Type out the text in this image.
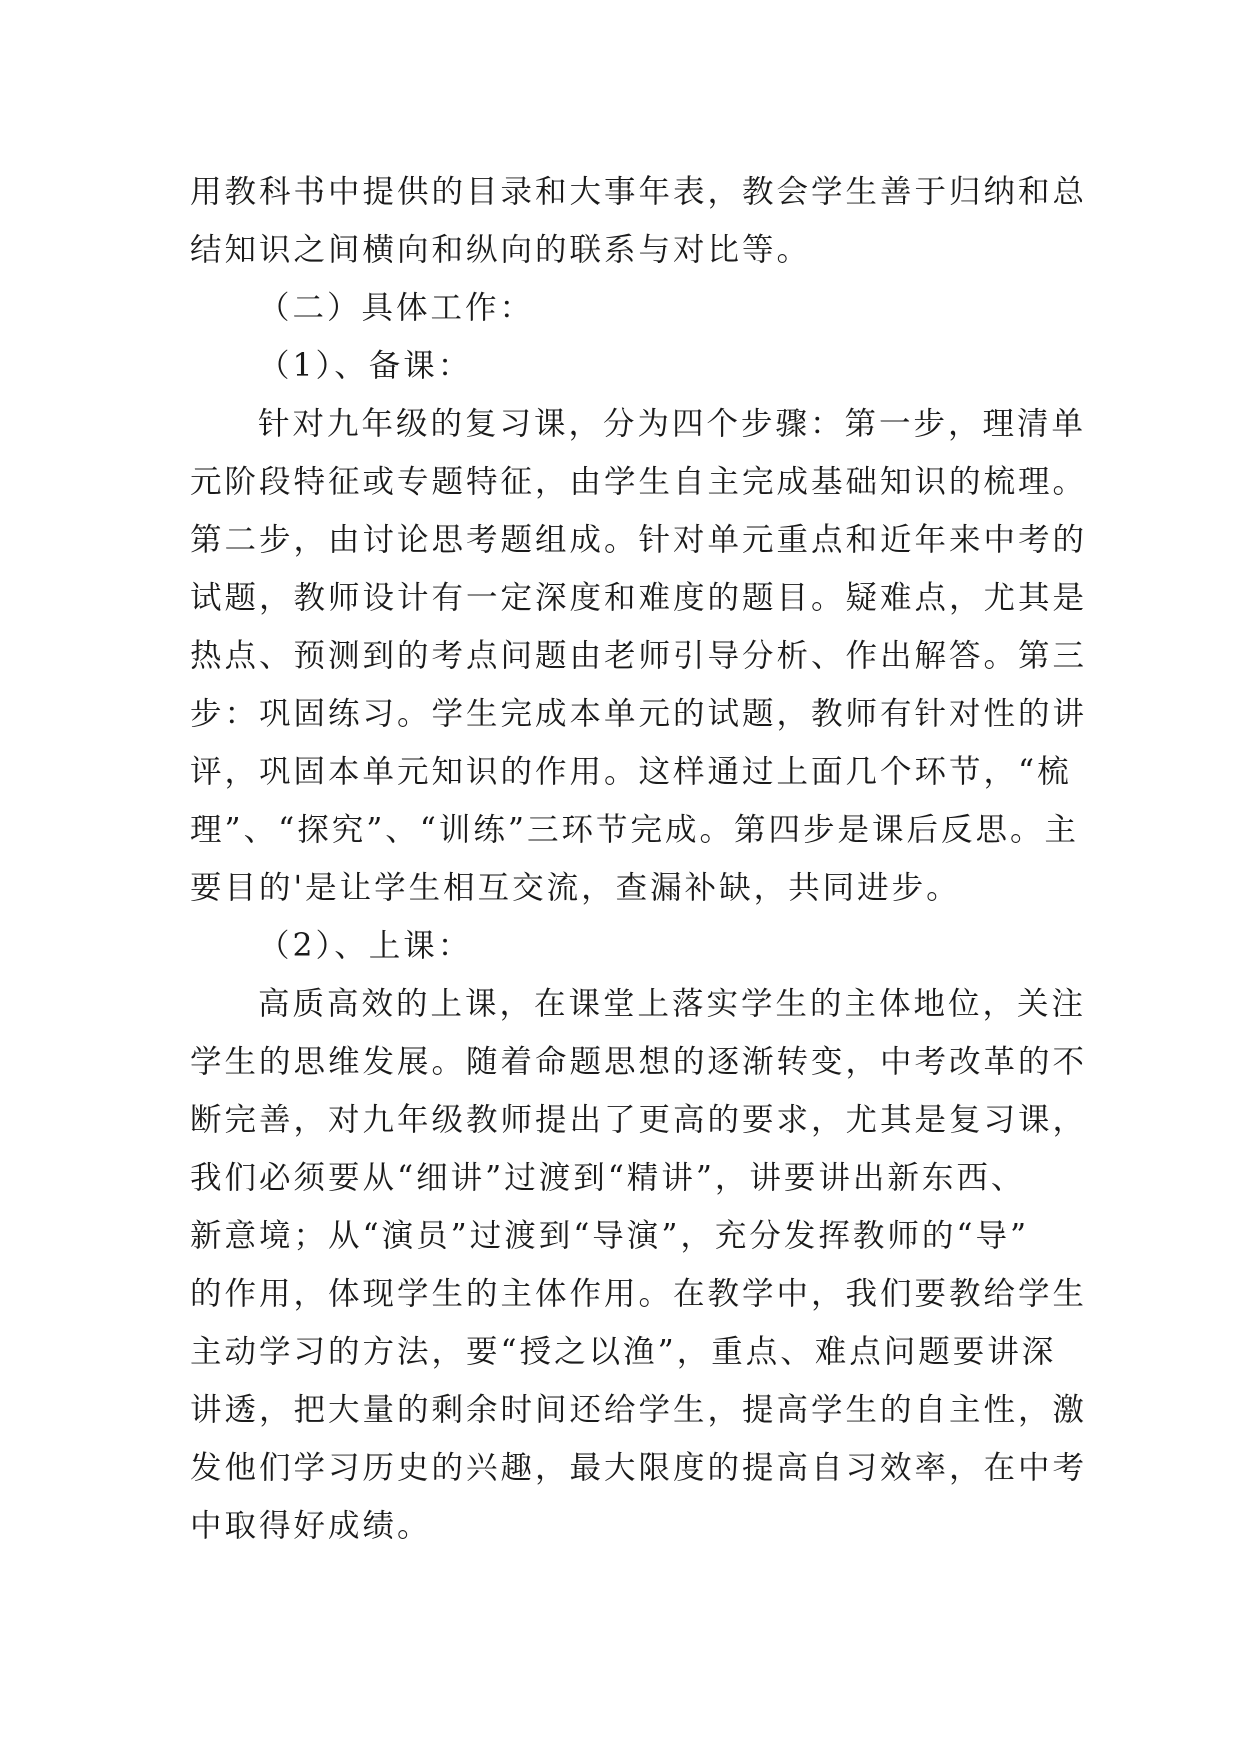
用教科书中提供的目录和大事年表，教会学生善于归纳和总
结知识之间横向和纵向的联系与对比等。
（二）具体工作：
（1）、备课：
针对九年级的复习课，分为四个步骤：第一步，理清单
元阶段特征或专题特征，由学生自主完成基础知识的梳理。
第二步，由讨论思考题组成。针对单元重点和近年来中考的
试题，教师设计有一定深度和难度的题目。疑难点，尤其是
热点、预测到的考点问题由老师引导分析、作出解答。第三
步：巩固练习。学生完成本单元的试题，教师有针对性的讲
评，巩固本单元知识的作用。这样通过上面几个环节，“梳
理”、“探究”、“训练”三环节完成。第四步是课后反思。主
要目的'是让学生相互交流，查漏补缺，共同进步。
（2）、上课：
高质高效的上课，在课堂上落实学生的主体地位，关注
学生的思维发展。随着命题思想的逐渐转变，中考改革的不
断完善，对九年级教师提出了更高的要求，尤其是复习课，
我们必须要从“细讲”过渡到“精讲”，讲要讲出新东西、
新意境；从“演员”过渡到“导演”，充分发挥教师的“导”
的作用，体现学生的主体作用。在教学中，我们要教给学生
主动学习的方法，要“授之以渔”，重点、难点问题要讲深
讲透，把大量的剩余时间还给学生，提高学生的自主性，激
发他们学习历史的兴趣，最大限度的提高自习效率，在中考
中取得好成绩。
